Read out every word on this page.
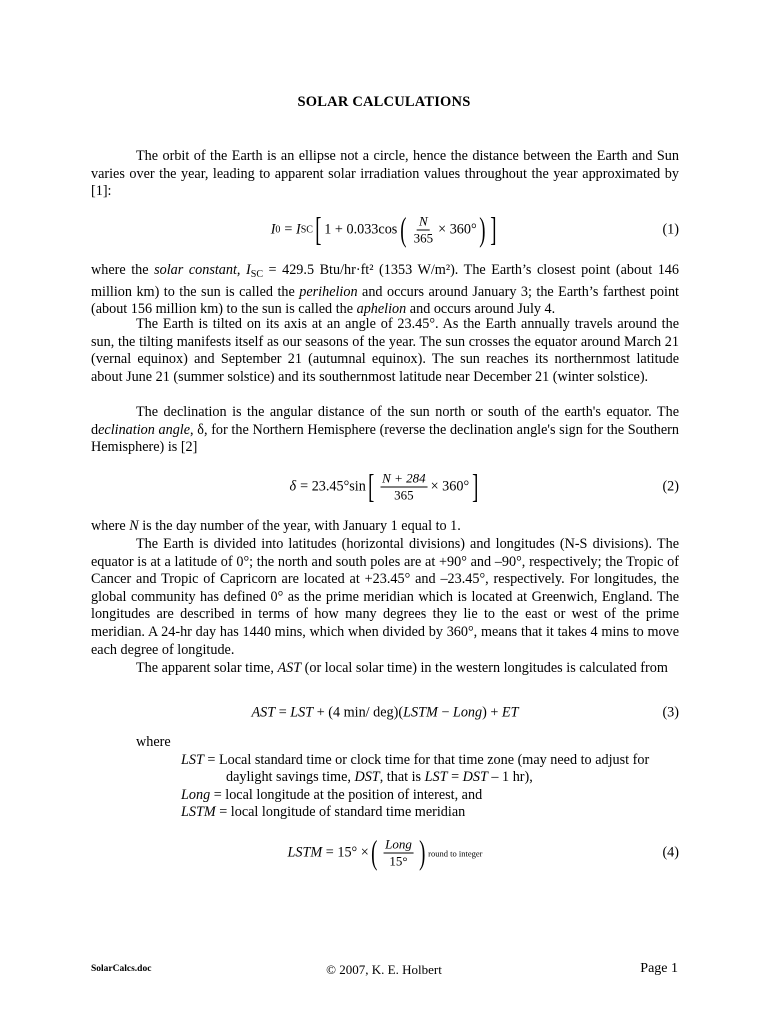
SOLAR CALCULATIONS

The orbit of the Earth is an ellipse not a circle, hence the distance between the Earth and Sun varies over the year, leading to apparent solar irradiation values throughout the year approximated by [1]:

I 0 = I SC [ 1 + 0.033cos ( $\frac{N}{365} \times 360^\circ$ ) ]	(1)

where the solar constant, $I_{SC} = 429.5$ Btu/hr·ft² (1353 W/m²). The Earth’s closest point (about 146 million km) to the sun is called the perihelion and occurs around January 3; the Earth’s farthest point (about 156 million km) to the sun is called the aphelion and occurs around July 4.

The Earth is tilted on its axis at an angle of 23.45°. As the Earth annually travels around the sun, the tilting manifests itself as our seasons of the year. The sun crosses the equator around March 21 (vernal equinox) and September 21 (autumnal equinox). The sun reaches its northernmost latitude about June 21 (summer solstice) and its southernmost latitude near December 21 (winter solstice).

The declination is the angular distance of the sun north or south of the earth's equator. The declination angle, δ, for the Northern Hemisphere (reverse the declination angle's sign for the Southern Hemisphere) is [2]

δ = 23.45°sin [ $\frac{N + 284}{365} \times 360^\circ$ ]	(2)

where N is the day number of the year, with January 1 equal to 1.

The Earth is divided into latitudes (horizontal divisions) and longitudes (N-S divisions). The equator is at a latitude of 0°; the north and south poles are at +90° and –90°, respectively; the Tropic of Cancer and Tropic of Capricorn are located at +23.45° and –23.45°, respectively. For longitudes, the global community has defined 0° as the prime meridian which is located at Greenwich, England. The longitudes are described in terms of how many degrees they lie to the east or west of the prime meridian. A 24-hr day has 1440 mins, which when divided by 360°, means that it takes 4 mins to move each degree of longitude.

The apparent solar time, AST (or local solar time) in the western longitudes is calculated from

AST = LST + (4 min/ deg)( LSTM − Long ) + ET	(3)
where
LST = Local standard time or clock time for that time zone (may need to adjust for
daylight savings time, DST, that is LST = DST – 1 hr),
Long = local longitude at the position of interest, and
LSTM = local longitude of standard time meridian
LSTM = 15° × ( $\frac{\text{Long}}{15^\circ}$ ) round to integer	(4)
SolarCalcs.doc	© 2007, K. E. Holbert	Page 1
